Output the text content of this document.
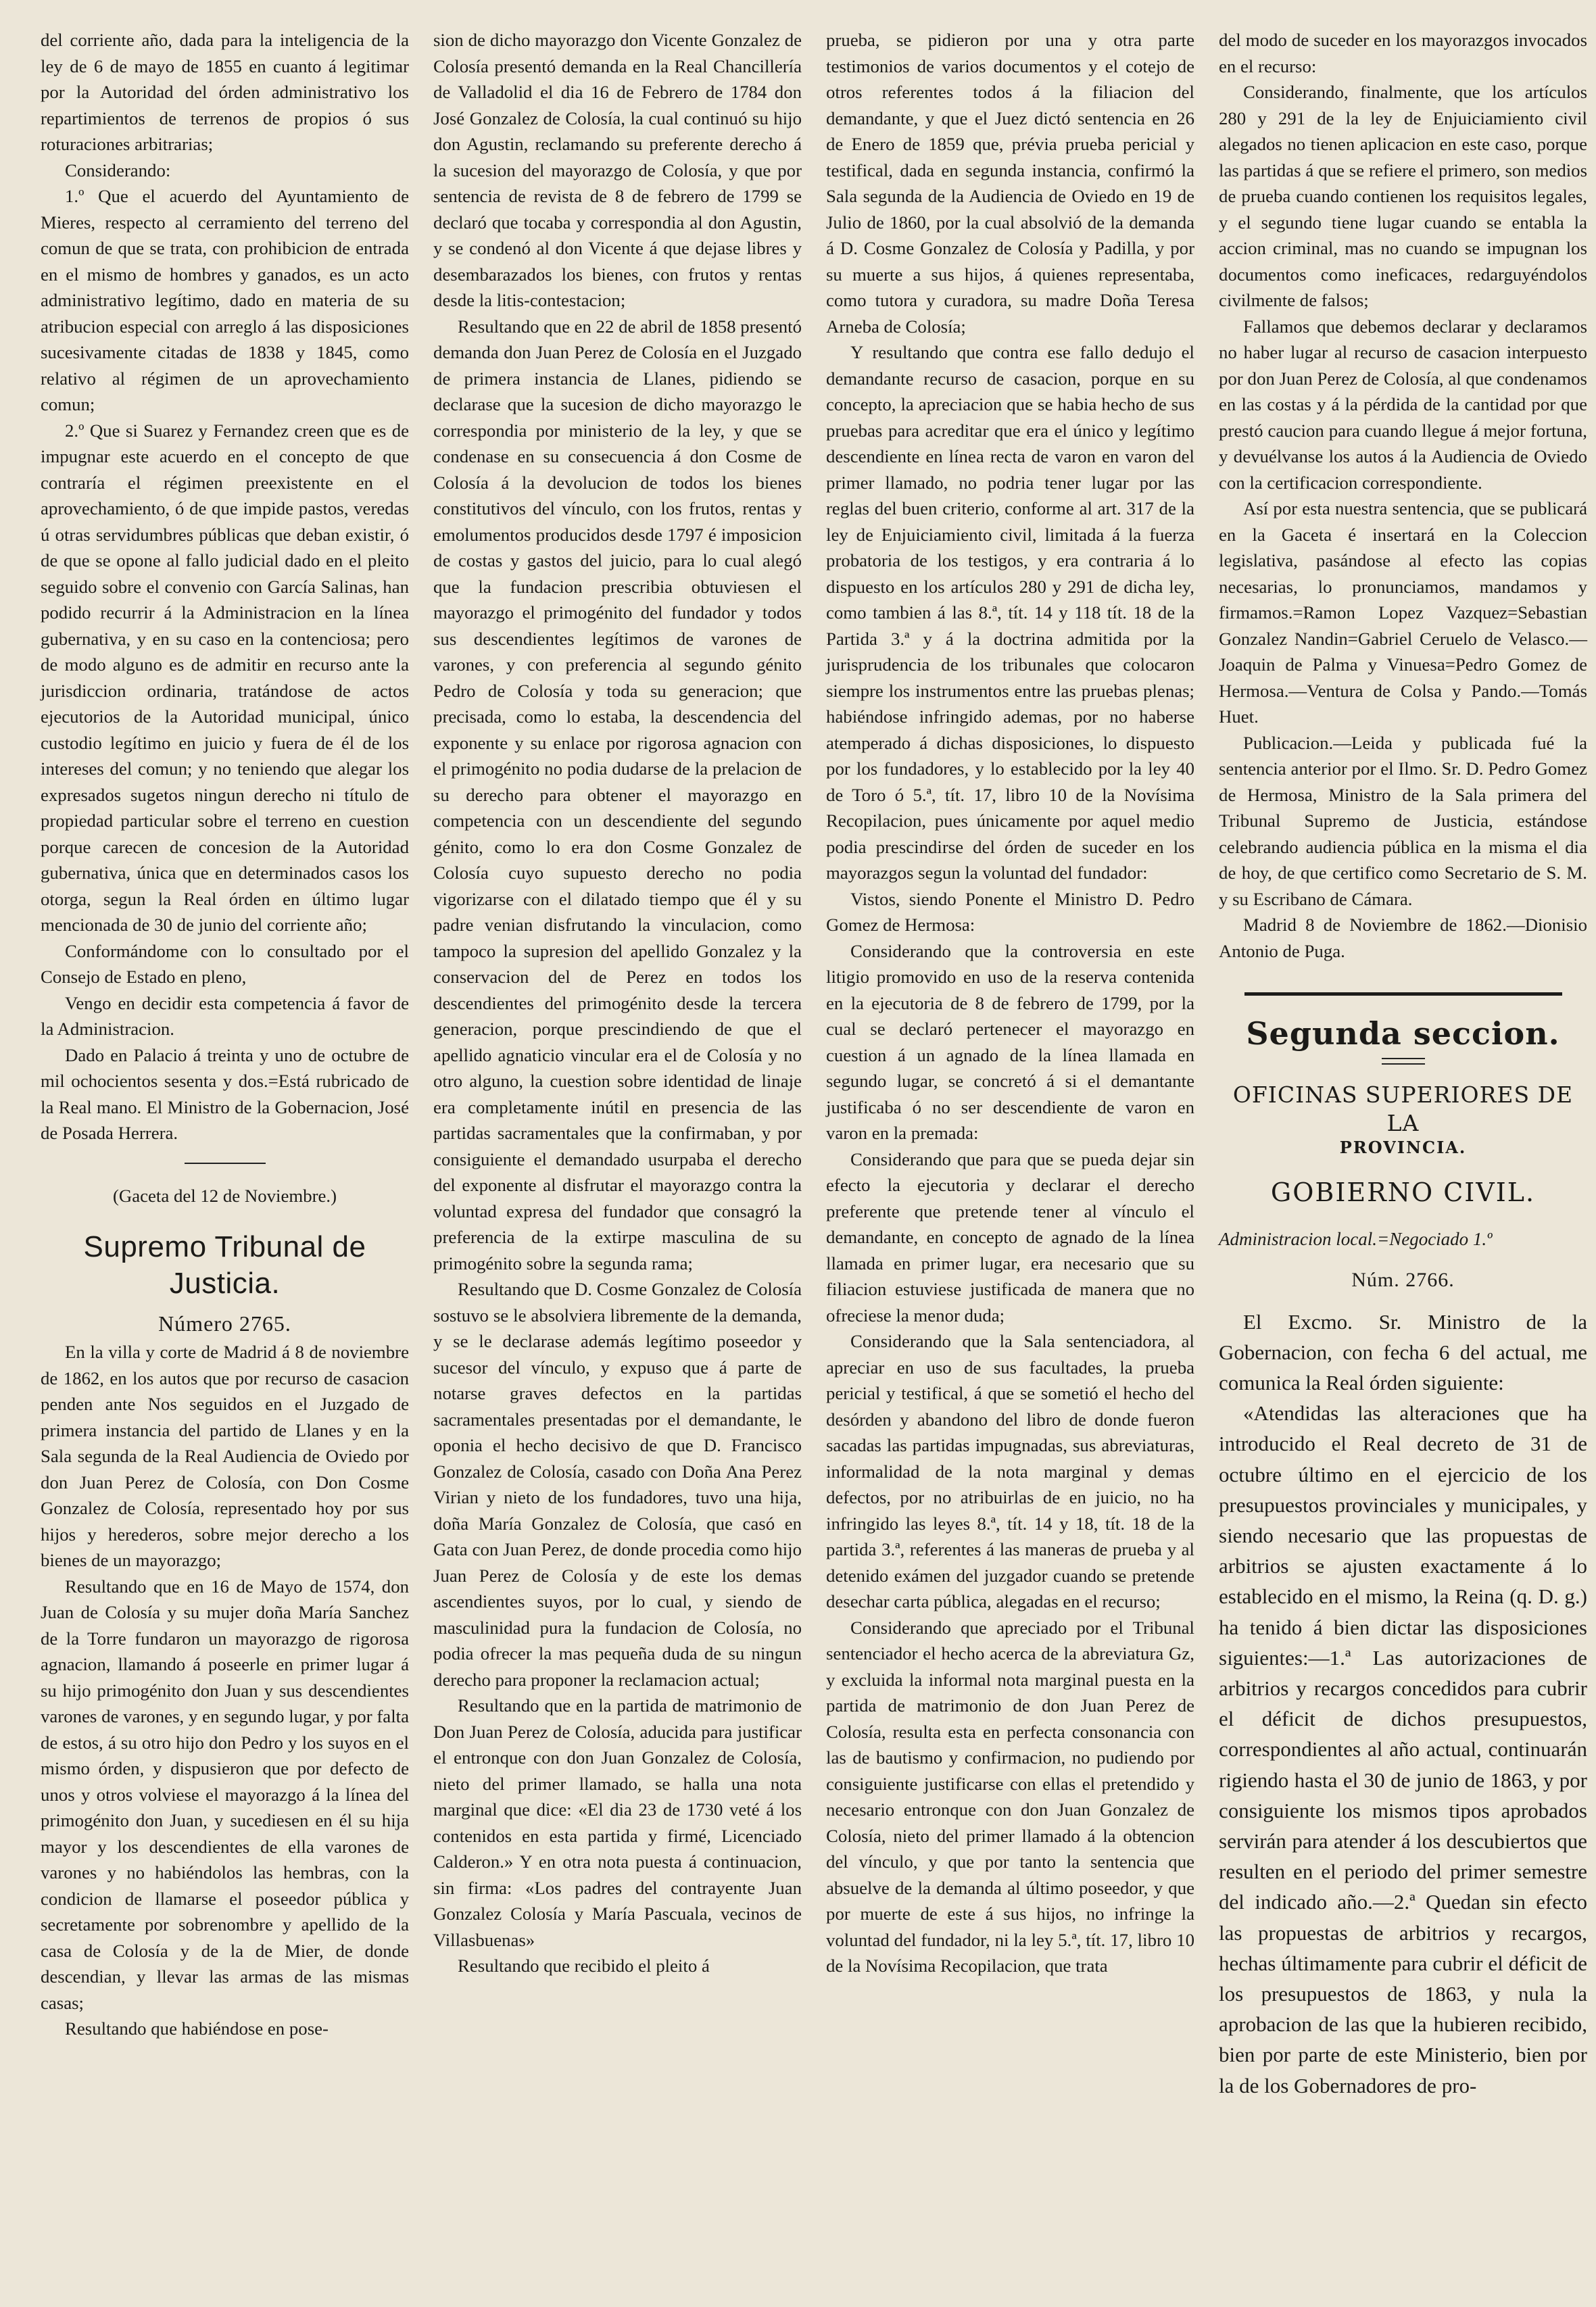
del corriente año, dada para la inteligencia de la ley de 6 de mayo de 1855 en cuanto á legitimar por la Autoridad del órden administrativo los repartimientos de terrenos de propios ó sus roturaciones arbitrarias;

Considerando:

1.º Que el acuerdo del Ayuntamiento de Mieres, respecto al cerramiento del terreno del comun de que se trata, con prohibicion de entrada en el mismo de hombres y ganados, es un acto administrativo legítimo, dado en materia de su atribucion especial con arreglo á las disposiciones sucesivamente citadas de 1838 y 1845, como relativo al régimen de un aprovechamiento comun;

2.º Que si Suarez y Fernandez creen que es de impugnar este acuerdo en el concepto de que contraría el régimen preexistente en el aprovechamiento, ó de que impide pastos, veredas ú otras servidumbres públicas que deban existir, ó de que se opone al fallo judicial dado en el pleito seguido sobre el convenio con García Salinas, han podido recurrir á la Administracion en la línea gubernativa, y en su caso en la contenciosa; pero de modo alguno es de admitir en recurso ante la jurisdiccion ordinaria, tratándose de actos ejecutorios de la Autoridad municipal, único custodio legítimo en juicio y fuera de él de los intereses del comun; y no teniendo que alegar los expresados sugetos ningun derecho ni título de propiedad particular sobre el terreno en cuestion porque carecen de concesion de la Autoridad gubernativa, única que en determinados casos los otorga, segun la Real órden en último lugar mencionada de 30 de junio del corriente año;

Conformándome con lo consultado por el Consejo de Estado en pleno,

Vengo en decidir esta competencia á favor de la Administracion.

Dado en Palacio á treinta y uno de octubre de mil ochocientos sesenta y dos.=Está rubricado de la Real mano. El Ministro de la Gobernacion, José de Posada Herrera.

(Gaceta del 12 de Noviembre.)

Supremo Tribunal de Justicia.
Número 2765.

En la villa y corte de Madrid á 8 de noviembre de 1862, en los autos que por recurso de casacion penden ante Nos seguidos en el Juzgado de primera instancia del partido de Llanes y en la Sala segunda de la Real Audiencia de Oviedo por don Juan Perez de Colosía, con Don Cosme Gonzalez de Colosía, representado hoy por sus hijos y herederos, sobre mejor derecho a los bienes de un mayorazgo;

Resultando que en 16 de Mayo de 1574, don Juan de Colosía y su mujer doña María Sanchez de la Torre fundaron un mayorazgo de rigorosa agnacion, llamando á poseerle en primer lugar á su hijo primogénito don Juan y sus descendientes varones de varones, y en segundo lugar, y por falta de estos, á su otro hijo don Pedro y los suyos en el mismo órden, y dispusieron que por defecto de unos y otros volviese el mayorazgo á la línea del primogénito don Juan, y sucediesen en él su hija mayor y los descendientes de ella varones de varones y no habiéndolos las hembras, con la condicion de llamarse el poseedor pública y secretamente por sobrenombre y apellido de la casa de Colosía y de la de Mier, de donde descendian, y llevar las armas de las mismas casas;

Resultando que habiéndose en pose-

sion de dicho mayorazgo don Vicente Gonzalez de Colosía presentó demanda en la Real Chancillería de Valladolid el dia 16 de Febrero de 1784 don José Gonzalez de Colosía, la cual continuó su hijo don Agustin, reclamando su preferente derecho á la sucesion del mayorazgo de Colosía, y que por sentencia de revista de 8 de febrero de 1799 se declaró que tocaba y correspondia al don Agustin, y se condenó al don Vicente á que dejase libres y desembarazados los bienes, con frutos y rentas desde la litis-contestacion;

Resultando que en 22 de abril de 1858 presentó demanda don Juan Perez de Colosía en el Juzgado de primera instancia de Llanes, pidiendo se declarase que la sucesion de dicho mayorazgo le correspondia por ministerio de la ley, y que se condenase en su consecuencia á don Cosme de Colosía á la devolucion de todos los bienes constitutivos del vínculo, con los frutos, rentas y emolumentos producidos desde 1797 é imposicion de costas y gastos del juicio, para lo cual alegó que la fundacion prescribia obtuviesen el mayorazgo el primogénito del fundador y todos sus descendientes legítimos de varones de varones, y con preferencia al segundo génito Pedro de Colosía y toda su generacion; que precisada, como lo estaba, la descendencia del exponente y su enlace por rigorosa agnacion con el primogénito no podia dudarse de la prelacion de su derecho para obtener el mayorazgo en competencia con un descendiente del segundo génito, como lo era don Cosme Gonzalez de Colosía cuyo supuesto derecho no podia vigorizarse con el dilatado tiempo que él y su padre venian disfrutando la vinculacion, como tampoco la supresion del apellido Gonzalez y la conservacion del de Perez en todos los descendientes del primogénito desde la tercera generacion, porque prescindiendo de que el apellido agnaticio vincular era el de Colosía y no otro alguno, la cuestion sobre identidad de linaje era completamente inútil en presencia de las partidas sacramentales que la confirmaban, y por consiguiente el demandado usurpaba el derecho del exponente al disfrutar el mayorazgo contra la voluntad expresa del fundador que consagró la preferencia de la extirpe masculina de su primogénito sobre la segunda rama;

Resultando que D. Cosme Gonzalez de Colosía sostuvo se le absolviera libremente de la demanda, y se le declarase además legítimo poseedor y sucesor del vínculo, y expuso que á parte de notarse graves defectos en la partidas sacramentales presentadas por el demandante, le oponia el hecho decisivo de que D. Francisco Gonzalez de Colosía, casado con Doña Ana Perez Virian y nieto de los fundadores, tuvo una hija, doña María Gonzalez de Colosía, que casó en Gata con Juan Perez, de donde procedia como hijo Juan Perez de Colosía y de este los demas ascendientes suyos, por lo cual, y siendo de masculinidad pura la fundacion de Colosía, no podia ofrecer la mas pequeña duda de su ningun derecho para proponer la reclamacion actual;

Resultando que en la partida de matrimonio de Don Juan Perez de Colosía, aducida para justificar el entronque con don Juan Gonzalez de Colosía, nieto del primer llamado, se halla una nota marginal que dice: «El dia 23 de 1730 veté á los contenidos en esta partida y firmé, Licenciado Calderon.» Y en otra nota puesta á continuacion, sin firma: «Los padres del contrayente Juan Gonzalez Colosía y María Pascuala, vecinos de Villasbuenas»

Resultando que recibido el pleito á

prueba, se pidieron por una y otra parte testimonios de varios documentos y el cotejo de otros referentes todos á la filiacion del demandante, y que el Juez dictó sentencia en 26 de Enero de 1859 que, prévia prueba pericial y testifical, dada en segunda instancia, confirmó la Sala segunda de la Audiencia de Oviedo en 19 de Julio de 1860, por la cual absolvió de la demanda á D. Cosme Gonzalez de Colosía y Padilla, y por su muerte a sus hijos, á quienes representaba, como tutora y curadora, su madre Doña Teresa Arneba de Colosía;

Y resultando que contra ese fallo dedujo el demandante recurso de casacion, porque en su concepto, la apreciacion que se habia hecho de sus pruebas para acreditar que era el único y legítimo descendiente en línea recta de varon en varon del primer llamado, no podria tener lugar por las reglas del buen criterio, conforme al art. 317 de la ley de Enjuiciamiento civil, limitada á la fuerza probatoria de los testigos, y era contraria á lo dispuesto en los artículos 280 y 291 de dicha ley, como tambien á las 8.ª, tít. 14 y 118 tít. 18 de la Partida 3.ª y á la doctrina admitida por la jurisprudencia de los tribunales que colocaron siempre los instrumentos entre las pruebas plenas; habiéndose infringido ademas, por no haberse atemperado á dichas disposiciones, lo dispuesto por los fundadores, y lo establecido por la ley 40 de Toro ó 5.ª, tít. 17, libro 10 de la Novísima Recopilacion, pues únicamente por aquel medio podia prescindirse del órden de suceder en los mayorazgos segun la voluntad del fundador:

Vistos, siendo Ponente el Ministro D. Pedro Gomez de Hermosa:

Considerando que la controversia en este litigio promovido en uso de la reserva contenida en la ejecutoria de 8 de febrero de 1799, por la cual se declaró pertenecer el mayorazgo en cuestion á un agnado de la línea llamada en segundo lugar, se concretó á si el demantante justificaba ó no ser descendiente de varon en varon en la premada:

Considerando que para que se pueda dejar sin efecto la ejecutoria y declarar el derecho preferente que pretende tener al vínculo el demandante, en concepto de agnado de la línea llamada en primer lugar, era necesario que su filiacion estuviese justificada de manera que no ofreciese la menor duda;

Considerando que la Sala sentenciadora, al apreciar en uso de sus facultades, la prueba pericial y testifical, á que se sometió el hecho del desórden y abandono del libro de donde fueron sacadas las partidas impugnadas, sus abreviaturas, informalidad de la nota marginal y demas defectos, por no atribuirlas de en juicio, no ha infringido las leyes 8.ª, tít. 14 y 18, tít. 18 de la partida 3.ª, referentes á las maneras de prueba y al detenido exámen del juzgador cuando se pretende desechar carta pública, alegadas en el recurso;

Considerando que apreciado por el Tribunal sentenciador el hecho acerca de la abreviatura Gz, y excluida la informal nota marginal puesta en la partida de matrimonio de don Juan Perez de Colosía, resulta esta en perfecta consonancia con las de bautismo y confirmacion, no pudiendo por consiguiente justificarse con ellas el pretendido y necesario entronque con don Juan Gonzalez de Colosía, nieto del primer llamado á la obtencion del vínculo, y que por tanto la sentencia que absuelve de la demanda al último poseedor, y que por muerte de este á sus hijos, no infringe la voluntad del fundador, ni la ley 5.ª, tít. 17, libro 10 de la Novísima Recopilacion, que trata

del modo de suceder en los mayorazgos invocados en el recurso:

Considerando, finalmente, que los artículos 280 y 291 de la ley de Enjuiciamiento civil alegados no tienen aplicacion en este caso, porque las partidas á que se refiere el primero, son medios de prueba cuando contienen los requisitos legales, y el segundo tiene lugar cuando se entabla la accion criminal, mas no cuando se impugnan los documentos como ineficaces, redarguyéndolos civilmente de falsos;

Fallamos que debemos declarar y declaramos no haber lugar al recurso de casacion interpuesto por don Juan Perez de Colosía, al que condenamos en las costas y á la pérdida de la cantidad por que prestó caucion para cuando llegue á mejor fortuna, y devuélvanse los autos á la Audiencia de Oviedo con la certificacion correspondiente.

Así por esta nuestra sentencia, que se publicará en la Gaceta é insertará en la Coleccion legislativa, pasándose al efecto las copias necesarias, lo pronunciamos, mandamos y firmamos.=Ramon Lopez Vazquez=Sebastian Gonzalez Nandin=Gabriel Ceruelo de Velasco.—Joaquin de Palma y Vinuesa=Pedro Gomez de Hermosa.—Ventura de Colsa y Pando.—Tomás Huet.

Publicacion.—Leida y publicada fué la sentencia anterior por el Ilmo. Sr. D. Pedro Gomez de Hermosa, Ministro de la Sala primera del Tribunal Supremo de Justicia, estándose celebrando audiencia pública en la misma el dia de hoy, de que certifico como Secretario de S. M. y su Escribano de Cámara.

Madrid 8 de Noviembre de 1862.—Dionisio Antonio de Puga.

Segunda seccion.
OFICINAS SUPERIORES DE LA
PROVINCIA.
GOBIERNO CIVIL.

Administracion local.=Negociado 1.º

Núm. 2766.

El Excmo. Sr. Ministro de la Gobernacion, con fecha 6 del actual, me comunica la Real órden siguiente:

«Atendidas las alteraciones que ha introducido el Real decreto de 31 de octubre último en el ejercicio de los presupuestos provinciales y municipales, y siendo necesario que las propuestas de arbitrios se ajusten exactamente á lo establecido en el mismo, la Reina (q. D. g.) ha tenido á bien dictar las disposiciones siguientes:—1.ª Las autorizaciones de arbitrios y recargos concedidos para cubrir el déficit de dichos presupuestos, correspondientes al año actual, continuarán rigiendo hasta el 30 de junio de 1863, y por consiguiente los mismos tipos aprobados servirán para atender á los descubiertos que resulten en el periodo del primer semestre del indicado año.—2.ª Quedan sin efecto las propuestas de arbitrios y recargos, hechas últimamente para cubrir el déficit de los presupuestos de 1863, y nula la aprobacion de las que la hubieren recibido, bien por parte de este Ministerio, bien por la de los Gobernadores de pro-
